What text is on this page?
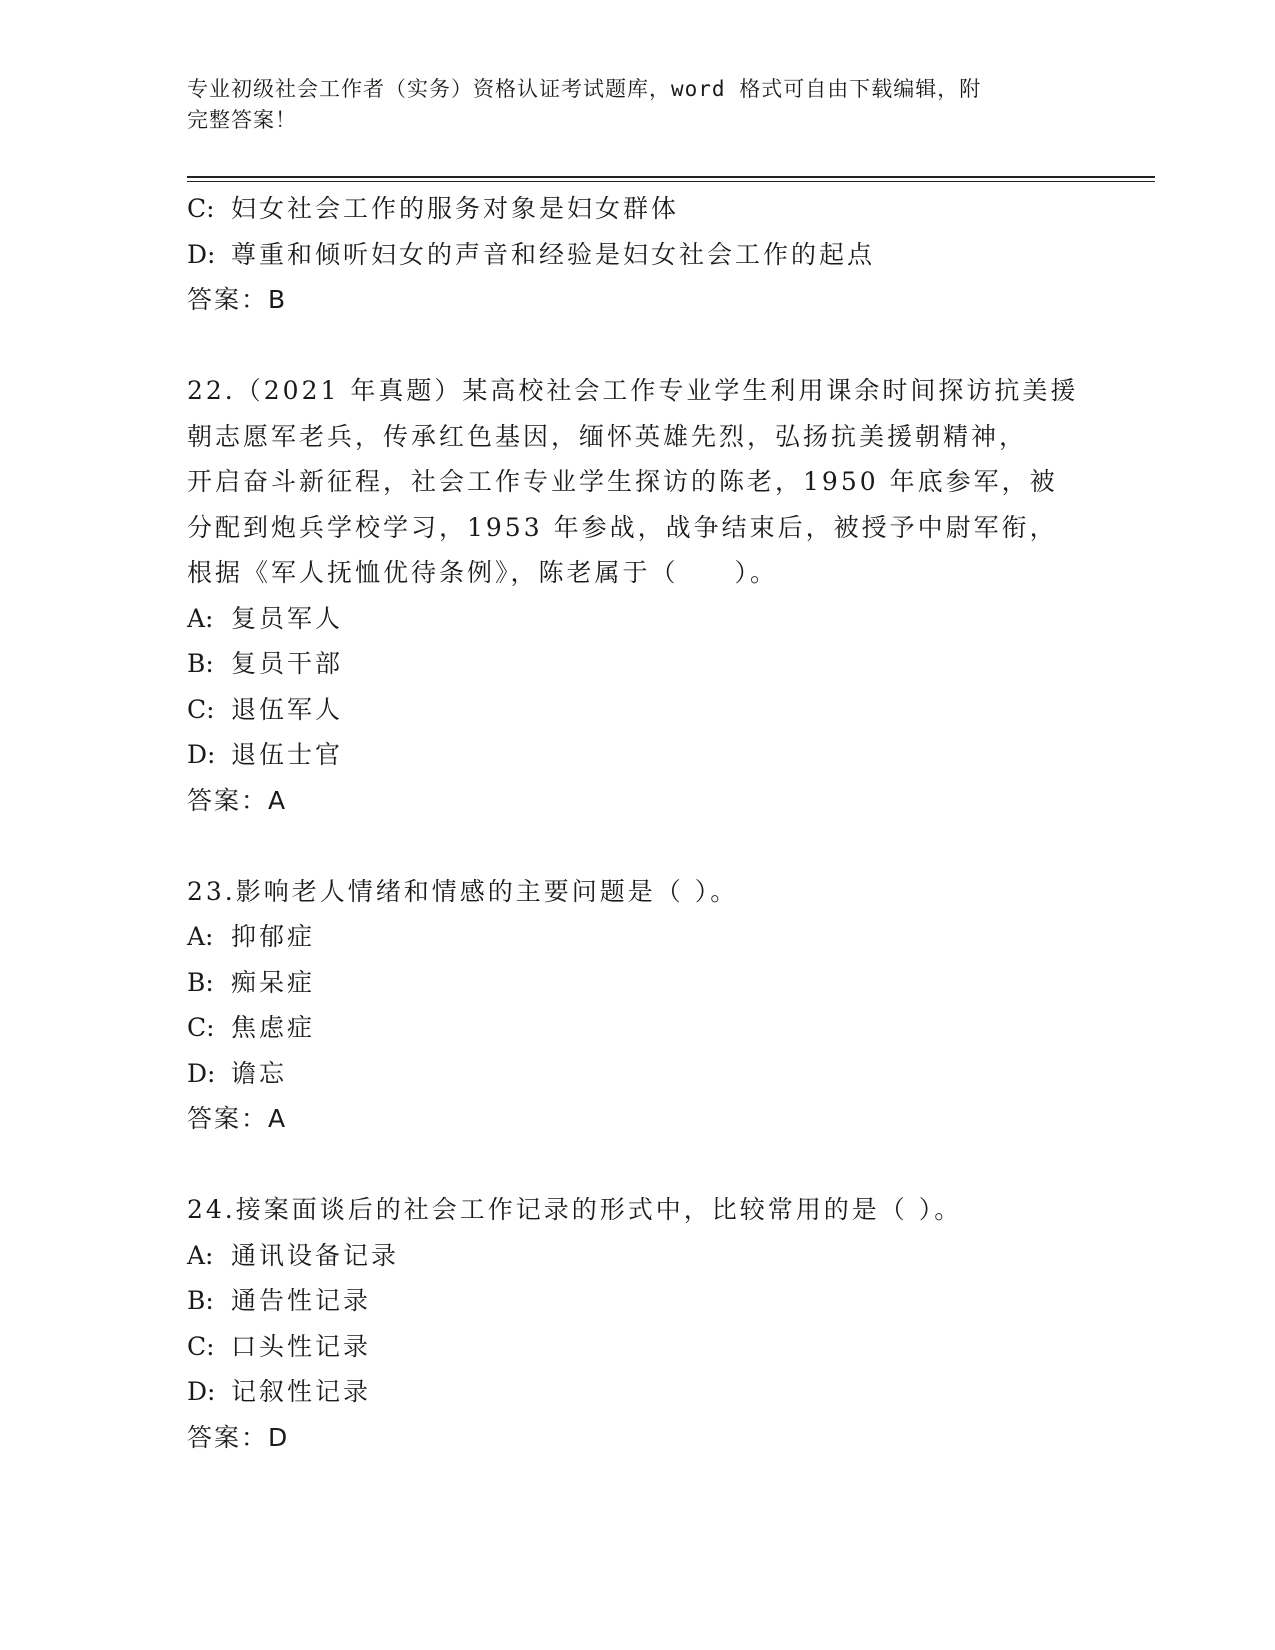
专业初级社会工作者（实务）资格认证考试题库，word 格式可自由下载编辑，附
完整答案！
C: 妇女社会工作的服务对象是妇女群体
D: 尊重和倾听妇女的声音和经验是妇女社会工作的起点
答案：B
22.（2021 年真题）某高校社会工作专业学生利用课余时间探访抗美援
朝志愿军老兵，传承红色基因，缅怀英雄先烈，弘扬抗美援朝精神，
开启奋斗新征程，社会工作专业学生探访的陈老，1950 年底参军，被
分配到炮兵学校学习，1953 年参战，战争结束后，被授予中尉军衔，
根据《军人抚恤优待条例》，陈老属于（　　）。
A: 复员军人
B: 复员干部
C: 退伍军人
D: 退伍士官
答案：A
23.影响老人情绪和情感的主要问题是（ ）。
A: 抑郁症
B: 痴呆症
C: 焦虑症
D: 谵忘
答案：A
24.接案面谈后的社会工作记录的形式中，比较常用的是（ ）。
A: 通讯设备记录
B: 通告性记录
C: 口头性记录
D: 记叙性记录
答案：D
